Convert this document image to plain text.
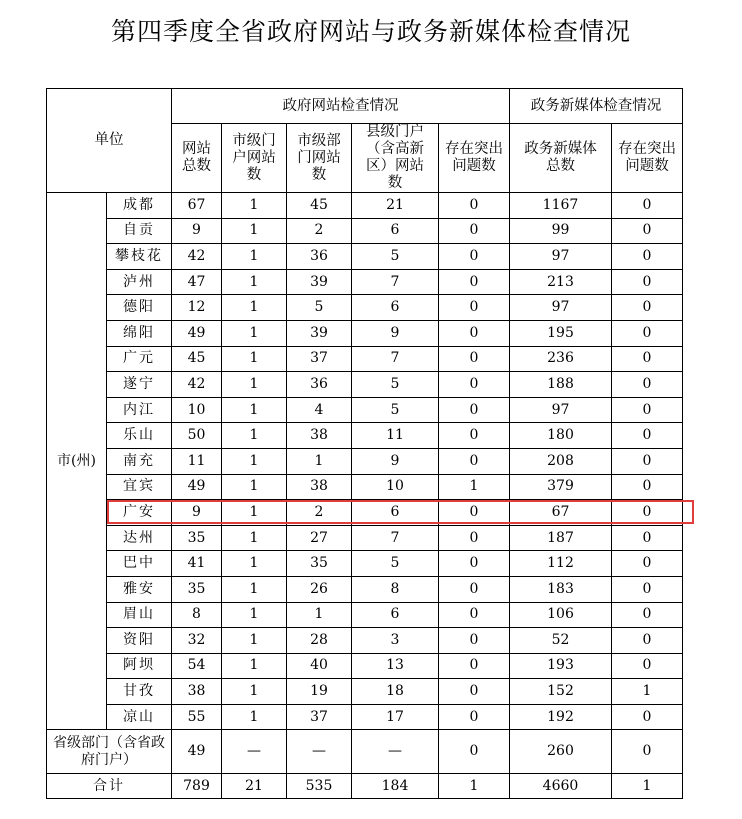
第四季度全省政府网站与政务新媒体检查情况
单位		政府网站检查情况					政务新媒体检查情况	
		网站总数	市级门户网站数	市级部门网站数	县级门户（含高新区）网站数	存在突出问题数	政务新媒体总数	存在突出问题数
市(州)	成都	67	1	45	21	0	1167	0
	自贡	9	1	2	6	0	99	0
	攀枝花	42	1	36	5	0	97	0
	泸州	47	1	39	7	0	213	0
	德阳	12	1	5	6	0	97	0
	绵阳	49	1	39	9	0	195	0
	广元	45	1	37	7	0	236	0
	遂宁	42	1	36	5	0	188	0
	内江	10	1	4	5	0	97	0
	乐山	50	1	38	11	0	180	0
	南充	11	1	1	9	0	208	0
	宜宾	49	1	38	10	1	379	0
	广安	9	1	2	6	0	67	0
	达州	35	1	27	7	0	187	0
	巴中	41	1	35	5	0	112	0
	雅安	35	1	26	8	0	183	0
	眉山	8	1	1	6	0	106	0
	资阳	32	1	28	3	0	52	0
	阿坝	54	1	40	13	0	193	0
	甘孜	38	1	19	18	0	152	1
	凉山	55	1	37	17	0	192	0
省级部门（含省政府门户）		49	—	—	—	0	260	0
合计		789	21	535	184	1	4660	1
